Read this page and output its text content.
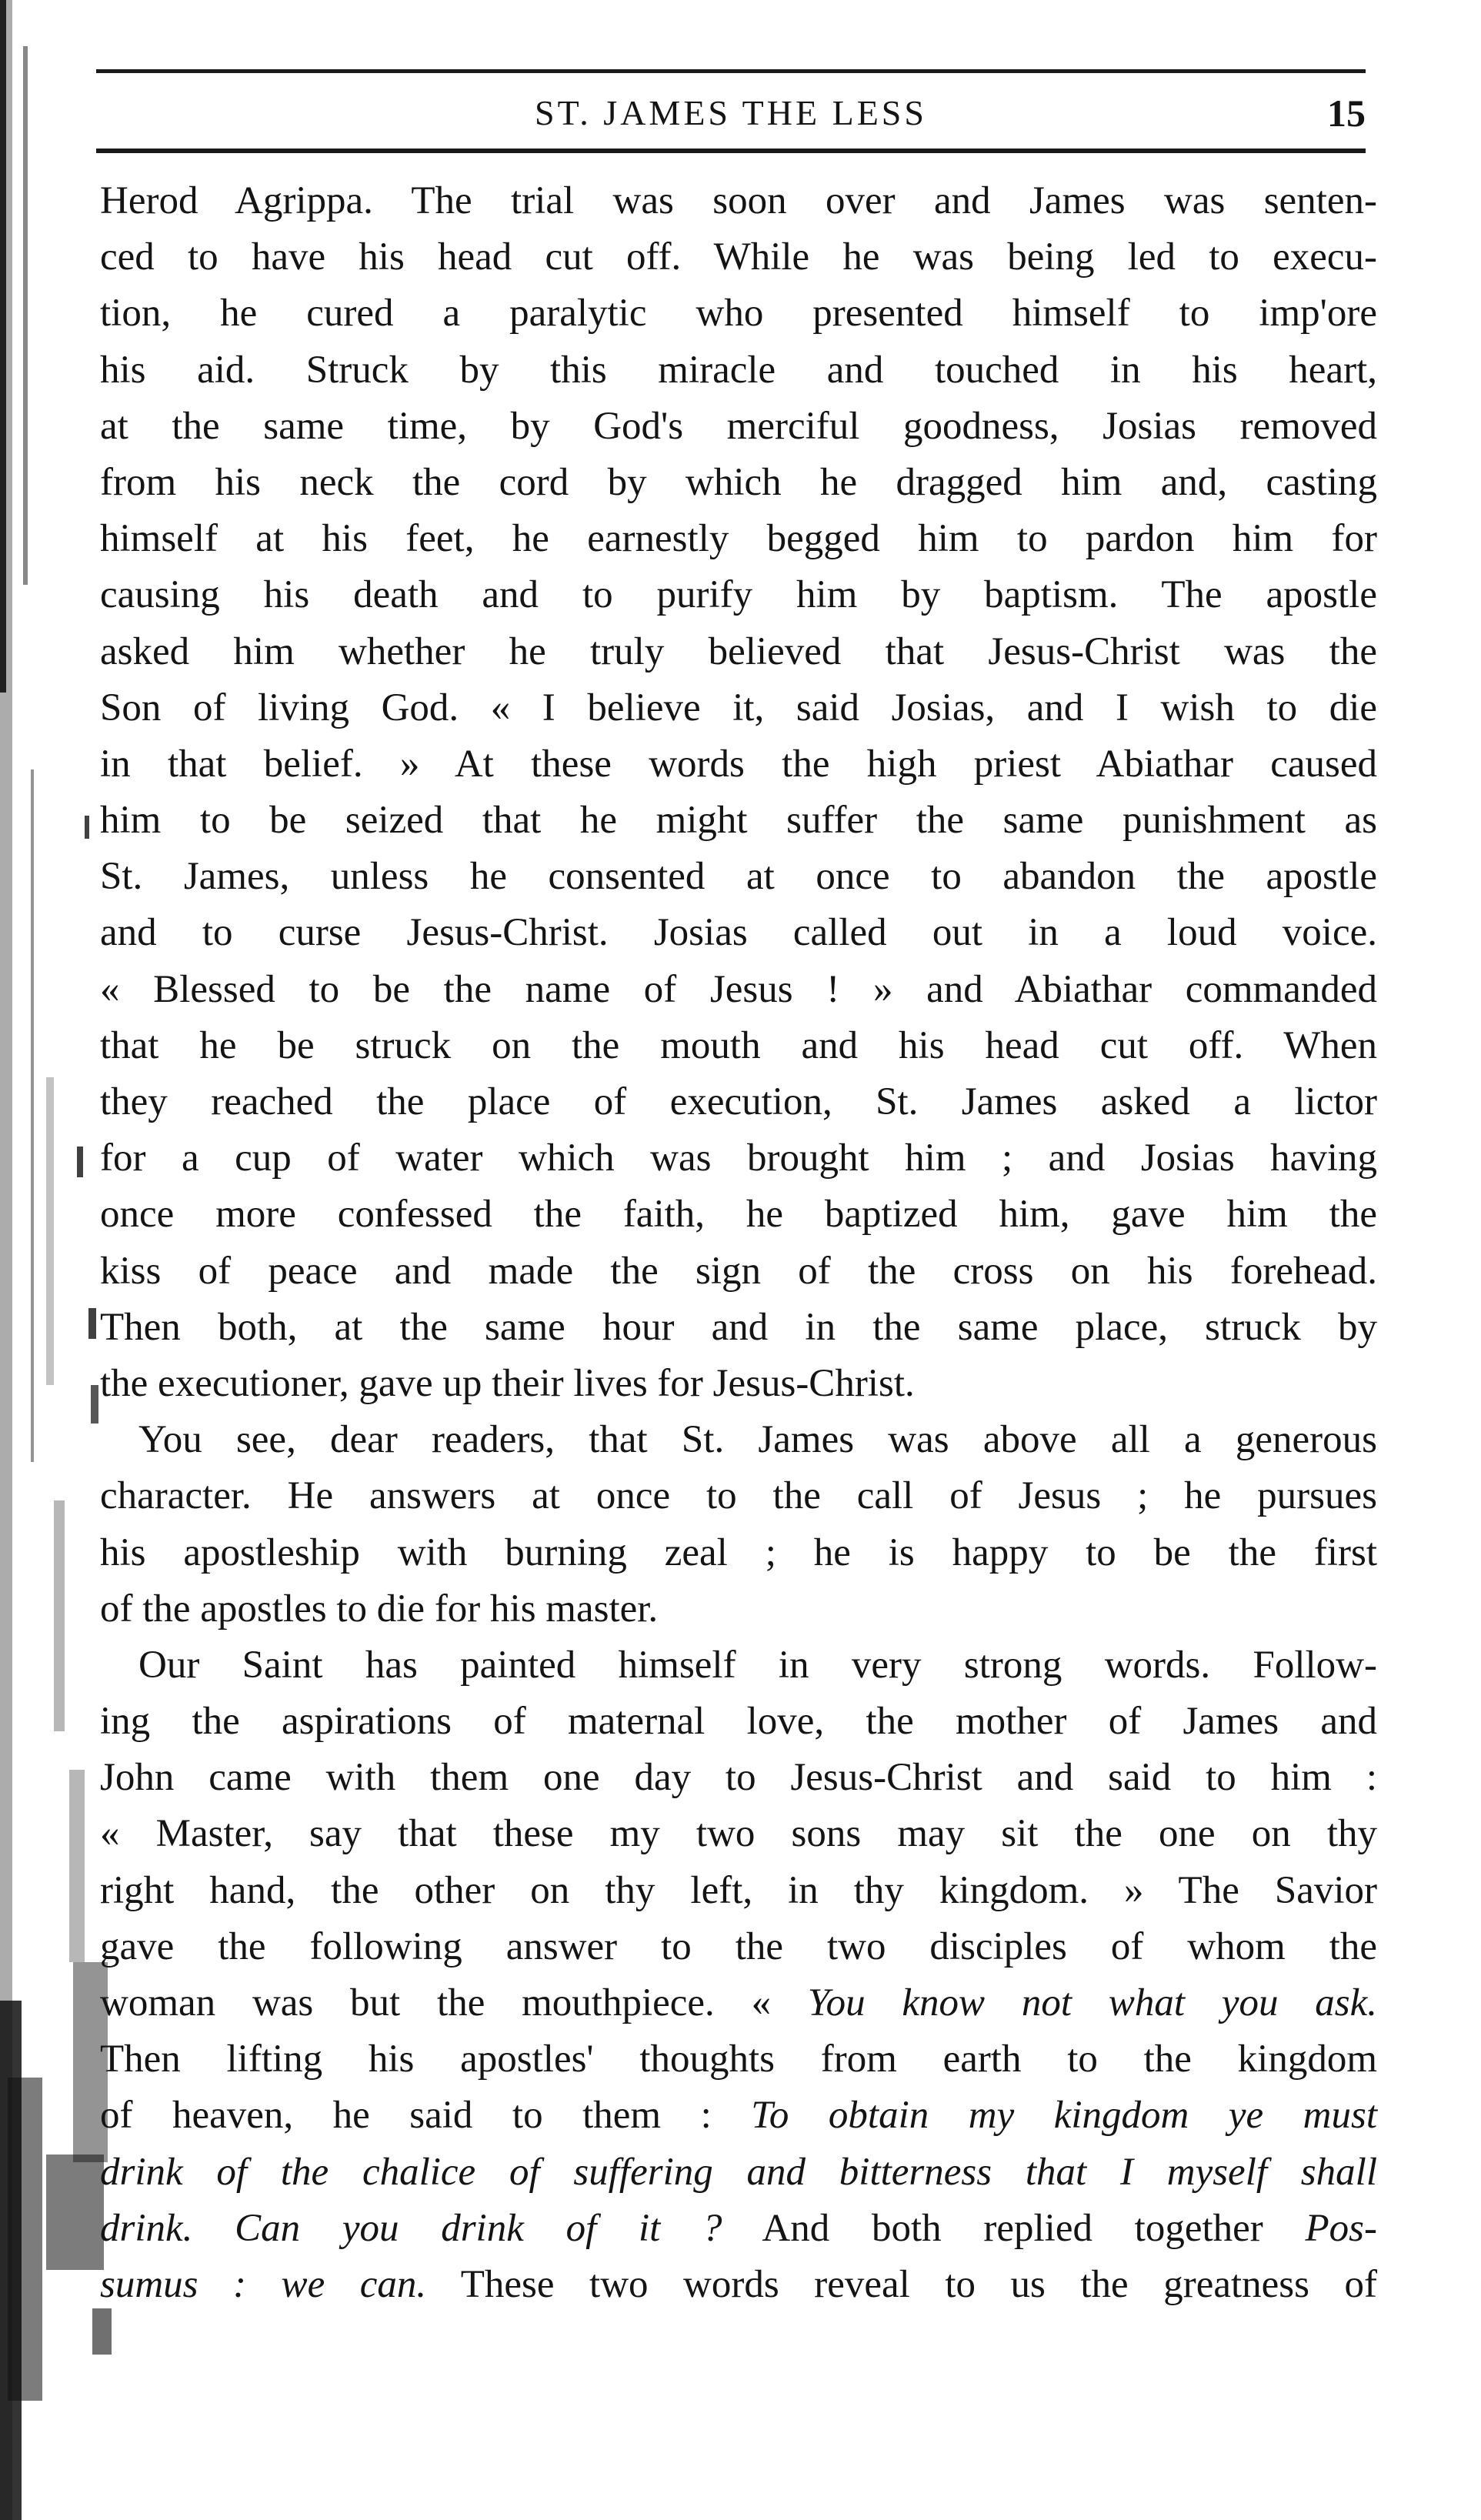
ST. JAMES THE LESS	15
Herod Agrippa. The trial was soon over and James was senten-
ced to have his head cut off. While he was being led to execu-
tion, he cured a paralytic who presented himself to imp'ore
his aid. Struck by this miracle and touched in his heart,
at the same time, by God's merciful goodness, Josias removed
from his neck the cord by which he dragged him and, casting
himself at his feet, he earnestly begged him to pardon him for
causing his death and to purify him by baptism. The apostle
asked him whether he truly believed that Jesus-Christ was the
Son of living God. « I believe it, said Josias, and I wish to die
in that belief. » At these words the high priest Abiathar caused
him to be seized that he might suffer the same punishment as
St. James, unless he consented at once to abandon the apostle
and to curse Jesus-Christ. Josias called out in a loud voice.
« Blessed to be the name of Jesus ! » and Abiathar commanded
that he be struck on the mouth and his head cut off. When
they reached the place of execution, St. James asked a lictor
for a cup of water which was brought him ; and Josias having
once more confessed the faith, he baptized him, gave him the
kiss of peace and made the sign of the cross on his forehead.
Then both, at the same hour and in the same place, struck by
the executioner, gave up their lives for Jesus-Christ.
You see, dear readers, that St. James was above all a generous
character. He answers at once to the call of Jesus ; he pursues
his apostleship with burning zeal ; he is happy to be the first
of the apostles to die for his master.
Our Saint has painted himself in very strong words. Follow-
ing the aspirations of maternal love, the mother of James and
John came with them one day to Jesus-Christ and said to him :
« Master, say that these my two sons may sit the one on thy
right hand, the other on thy left, in thy kingdom. » The Savior
gave the following answer to the two disciples of whom the
woman was but the mouthpiece. « You know not what you ask.
Then lifting his apostles' thoughts from earth to the kingdom
of heaven, he said to them : To obtain my kingdom ye must
drink of the chalice of suffering and bitterness that I myself shall
drink. Can you drink of it ? And both replied together Pos-
sumus : we can. These two words reveal to us the greatness of
